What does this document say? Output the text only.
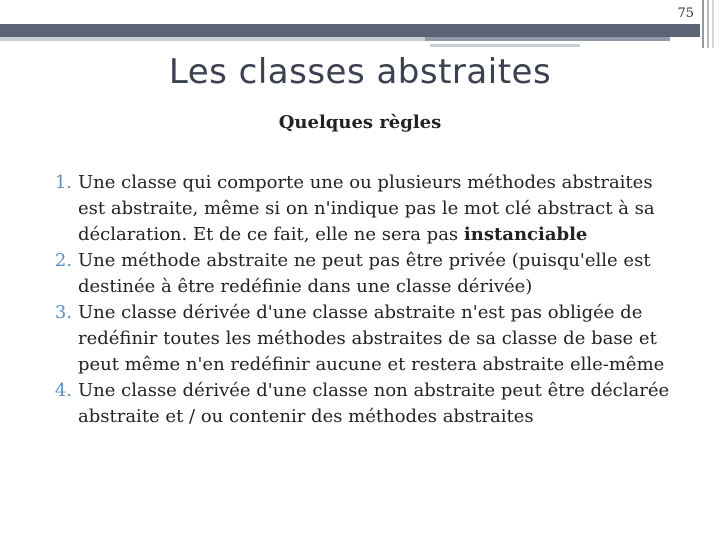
75
Les classes abstraites
Quelques règles
1. Une classe qui comporte une ou plusieurs méthodes abstraites est abstraite, même si on n'indique pas le mot clé abstract à sa déclaration. Et de ce fait, elle ne sera pas instanciable
2. Une méthode abstraite ne peut pas être privée (puisqu'elle est destinée à être redéfinie dans une classe dérivée)
3. Une classe dérivée d'une classe abstraite n'est pas obligée de redéfinir toutes les méthodes abstraites de sa classe de base et peut même n'en redéfinir aucune et restera abstraite elle-même
4. Une classe dérivée d'une classe non abstraite peut être déclarée abstraite et / ou contenir des méthodes abstraites
